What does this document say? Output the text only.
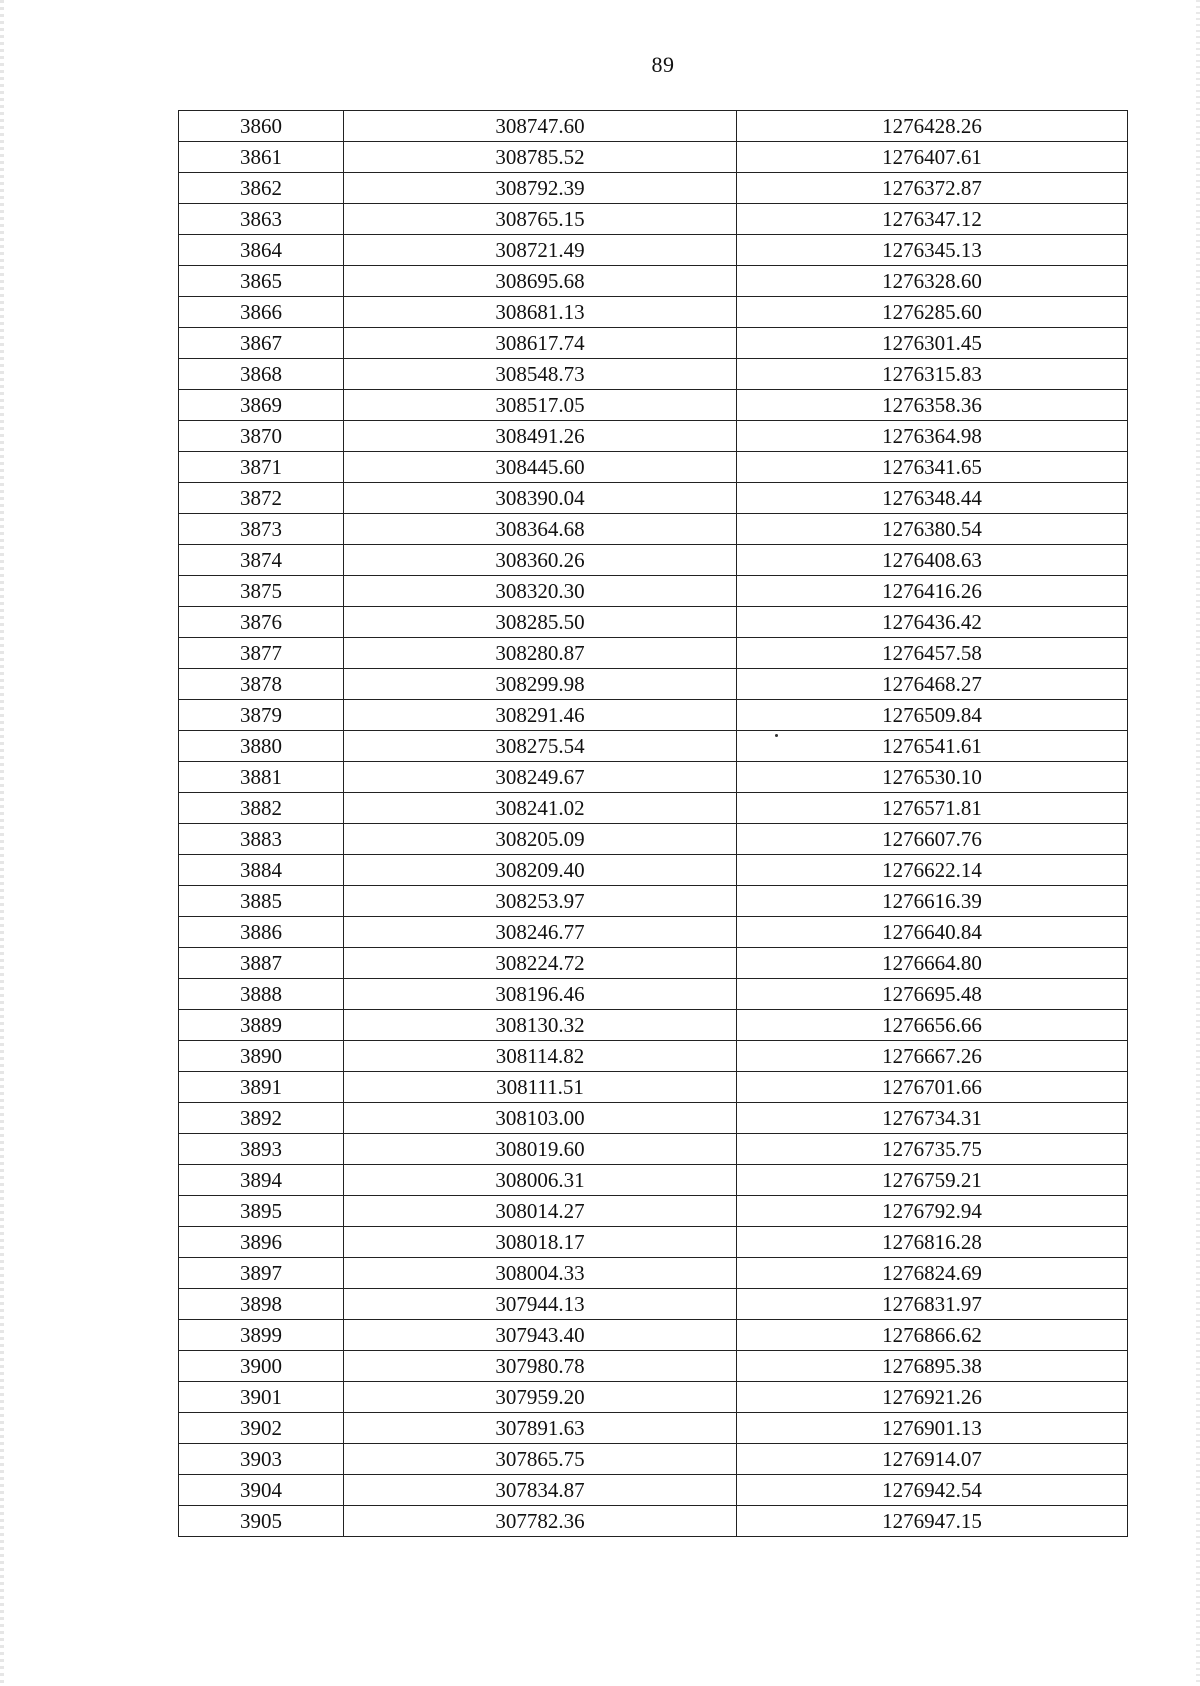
89
3860	308747.60	1276428.26
3861	308785.52	1276407.61
3862	308792.39	1276372.87
3863	308765.15	1276347.12
3864	308721.49	1276345.13
3865	308695.68	1276328.60
3866	308681.13	1276285.60
3867	308617.74	1276301.45
3868	308548.73	1276315.83
3869	308517.05	1276358.36
3870	308491.26	1276364.98
3871	308445.60	1276341.65
3872	308390.04	1276348.44
3873	308364.68	1276380.54
3874	308360.26	1276408.63
3875	308320.30	1276416.26
3876	308285.50	1276436.42
3877	308280.87	1276457.58
3878	308299.98	1276468.27
3879	308291.46	1276509.84
3880	308275.54	1276541.61
3881	308249.67	1276530.10
3882	308241.02	1276571.81
3883	308205.09	1276607.76
3884	308209.40	1276622.14
3885	308253.97	1276616.39
3886	308246.77	1276640.84
3887	308224.72	1276664.80
3888	308196.46	1276695.48
3889	308130.32	1276656.66
3890	308114.82	1276667.26
3891	308111.51	1276701.66
3892	308103.00	1276734.31
3893	308019.60	1276735.75
3894	308006.31	1276759.21
3895	308014.27	1276792.94
3896	308018.17	1276816.28
3897	308004.33	1276824.69
3898	307944.13	1276831.97
3899	307943.40	1276866.62
3900	307980.78	1276895.38
3901	307959.20	1276921.26
3902	307891.63	1276901.13
3903	307865.75	1276914.07
3904	307834.87	1276942.54
3905	307782.36	1276947.15
